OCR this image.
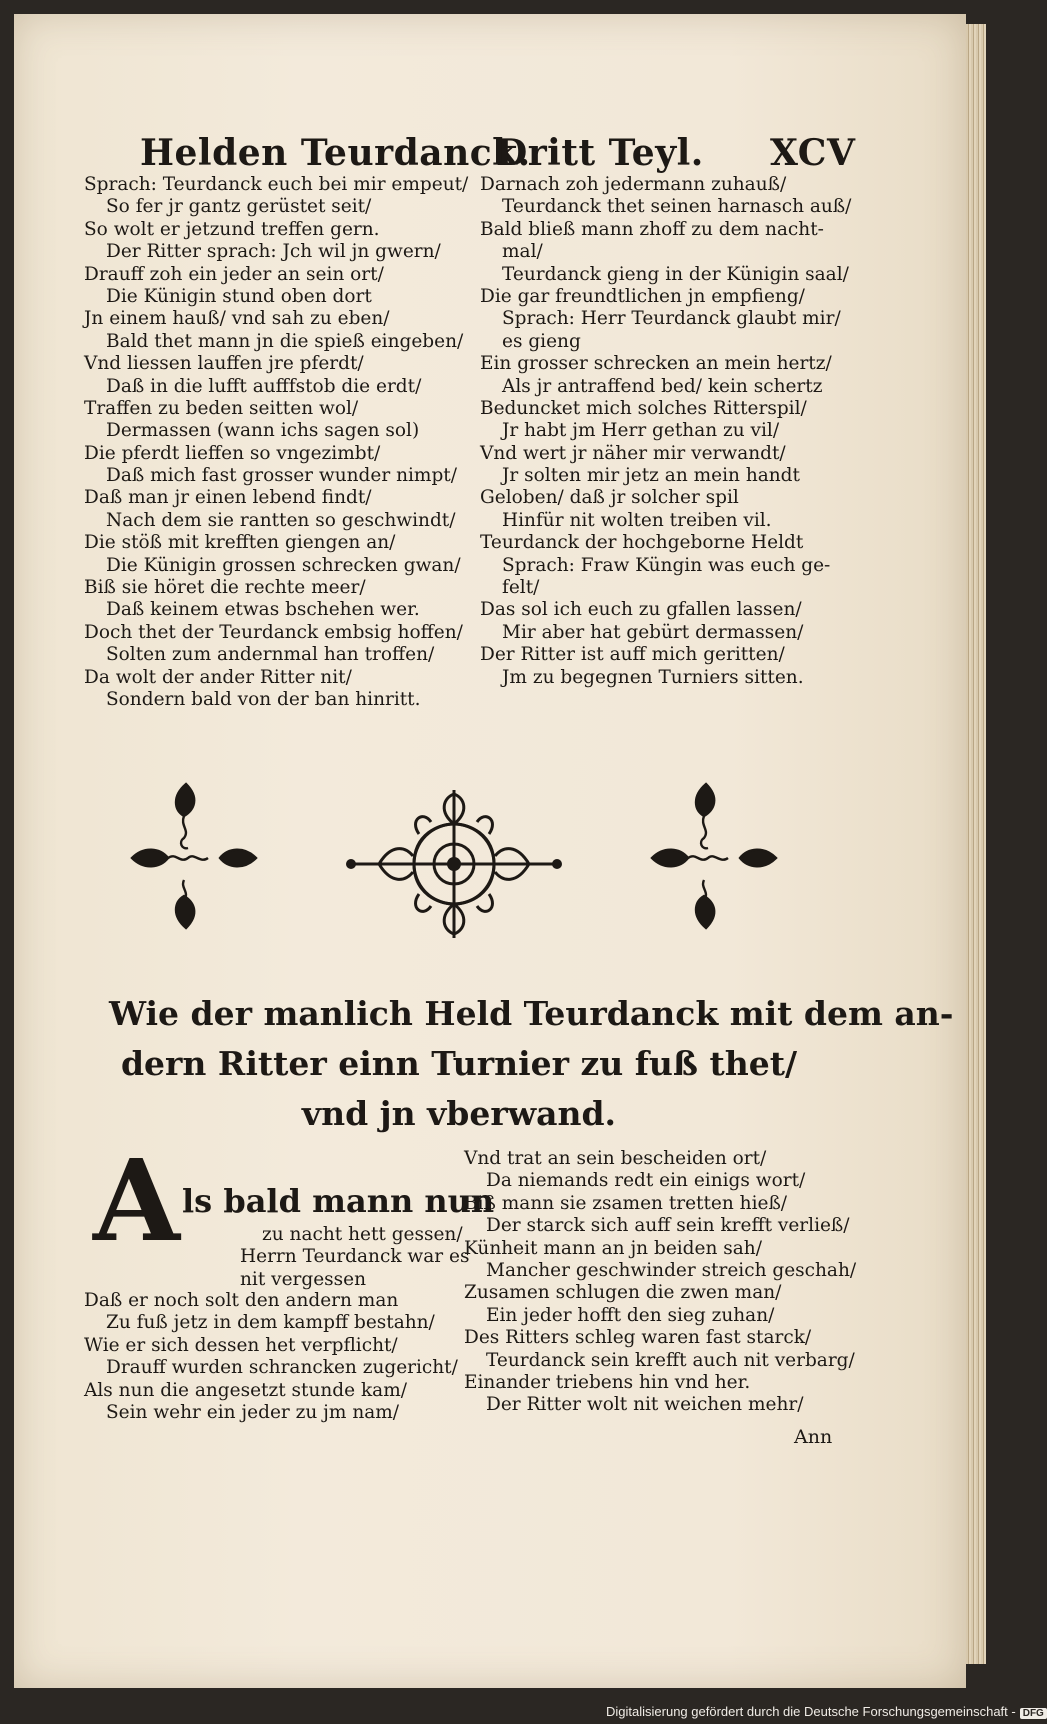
Helden Teurdanck.
Dritt Teyl. XCV
Sprach: Teurdanck euch bei mir empeut/
So fer jr gantz gerüstet seit/
So wolt er jetzund treffen gern.
Der Ritter sprach: Jch wil jn gwern/
Drauff zoh ein jeder an sein ort/
Die Künigin stund oben dort
Jn einem hauß/ vnd sah zu eben/
Bald thet mann jn die spieß eingeben/
Vnd liessen lauffen jre pferdt/
Daß in die lufft aufffstob die erdt/
Traffen zu beden seitten wol/
Dermassen (wann ichs sagen sol)
Die pferdt lieffen so vngezimbt/
Daß mich fast grosser wunder nimpt/
Daß man jr einen lebend findt/
Nach dem sie rantten so geschwindt/
Die stöß mit krefften giengen an/
Die Künigin grossen schrecken gwan/
Biß sie höret die rechte meer/
Daß keinem etwas bschehen wer.
Doch thet der Teurdanck embsig hoffen/
Solten zum andernmal han troffen/
Da wolt der ander Ritter nit/
Sondern bald von der ban hinritt.
Darnach zoh jedermann zuhauß/
Teurdanck thet seinen harnasch auß/
Bald bließ mann zhoff zu dem nacht-
mal/
Teurdanck gieng in der Künigin saal/
Die gar freundtlichen jn empfieng/
Sprach: Herr Teurdanck glaubt mir/
es gieng
Ein grosser schrecken an mein hertz/
Als jr antraffend bed/ kein schertz
Beduncket mich solches Ritterspil/
Jr habt jm Herr gethan zu vil/
Vnd wert jr näher mir verwandt/
Jr solten mir jetz an mein handt
Geloben/ daß jr solcher spil
Hinfür nit wolten treiben vil.
Teurdanck der hochgeborne Heldt
Sprach: Fraw Küngin was euch ge-
felt/
Das sol ich euch zu gfallen lassen/
Mir aber hat gebürt dermassen/
Der Ritter ist auff mich geritten/
Jm zu begegnen Turniers sitten.
Wie der manlich Held Teurdanck mit dem an-
dern Ritter einn Turnier zu fuß thet/
vnd jn vberwand.
A ls bald mann nun
zu nacht hett gessen/
Herrn Teurdanck war es
nit vergessen
Daß er noch solt den andern man
Zu fuß jetz in dem kampff bestahn/
Wie er sich dessen het verpflicht/
Drauff wurden schrancken zugericht/
Als nun die angesetzt stunde kam/
Sein wehr ein jeder zu jm nam/
Vnd trat an sein bescheiden ort/
Da niemands redt ein einigs wort/
Biß mann sie zsamen tretten hieß/
Der starck sich auff sein krefft verließ/
Künheit mann an jn beiden sah/
Mancher geschwinder streich geschah/
Zusamen schlugen die zwen man/
Ein jeder hofft den sieg zuhan/
Des Ritters schleg waren fast starck/
Teurdanck sein krefft auch nit verbarg/
Einander triebens hin vnd her.
Der Ritter wolt nit weichen mehr/
Ann
Digitalisierung gefördert durch die Deutsche Forschungsgemeinschaft - DFG
